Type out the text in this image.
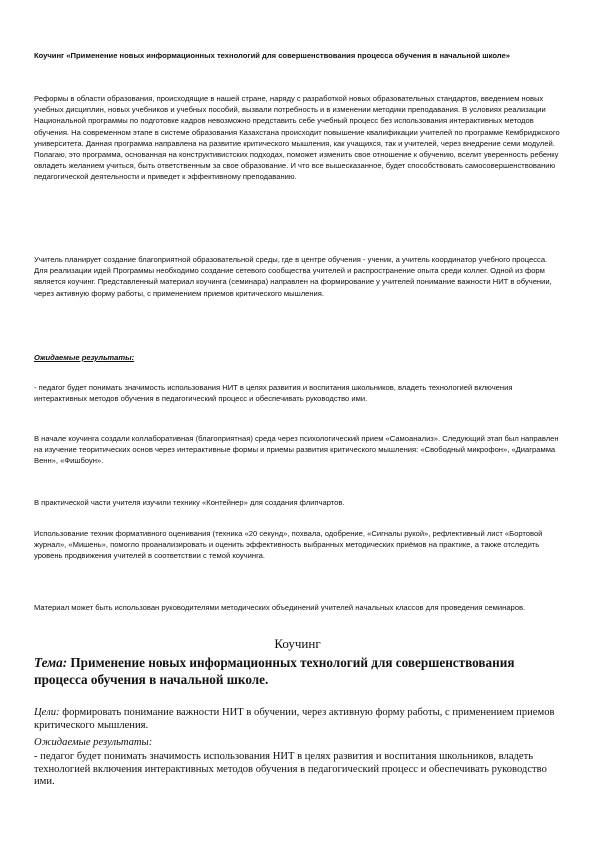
Коучинг «Применение новых информационных технологий для совершенствования процесса обучения в начальной школе»

Реформы в области образования, происходящие в нашей стране, наряду с разработкой новых образовательных стандартов, введением новых учебных дисциплин, новых учебников и учебных пособий, вызвали потребность и в изменении методики преподавания. В условиях реализации Национальной программы по подготовке кадров невозможно представить себе учебный процесс без использования интерактивных методов обучения. На современном этапе в системе образования Казахстана происходит повышение квалификации учителей по программе Кембриджского университета. Данная программа направлена на развитие критического мышления, как учащихся, так и учителей, через внедрение семи модулей. Полагаю, это программа, основанная на конструктивистских подходах, поможет изменить свое отношение к обучению, вселит уверенность ребенку овладеть желанием учиться, быть ответственным за свое образование. И что все вышесказанное, будет способствовать самосовершенствованию педагогической деятельности и приведет к эффективному преподаванию.

Учитель планирует создание благоприятной образовательной среды, где в центре обучения - ученик, а учитель координатор учебного процесса. Для реализации идей Программы необходимо создание сетевого сообщества учителей и распространение опыта среди коллег. Одной из форм является коучинг. Представленный материал коучинга (семинара) направлен на формирование у учителей понимание важности НИТ в обучении, через активную форму работы, с применением приемов критического мышления.

Ожидаемые результаты:

- педагог будет понимать значимость использования НИТ в целях развития и воспитания школьников, владеть технологией включения интерактивных методов обучения в педагогический процесс и обеспечивать руководство ими.

В начале коучинга создали коллаборативная (благоприятная) среда через психологический прием «Самоанализ». Следующий этап был направлен на изучение теоритических основ через интерактивные формы и приемы развития критического мышления: «Свободный микрофон», «Диаграмма Венн», «Фишбоун».

В практической части учителя изучили технику «Контейнер» для создания флипчартов.

Использование техник формативного оценивания (техника «20 секунд», похвала, одобрение, «Сигналы рукой», рефлективный лист «Бортовой журнал», «Мишень», помогло проанализировать и оценить эффективность выбранных методических приёмов на практике, а также отследить уровень продвижения учителей в соответствии с темой коучинга.

Материал может быть использован руководителями методических объединений учителей начальных классов для проведения семинаров.

Коучинг

Тема: Применение новых информационных технологий для совершенствования процесса обучения в начальной школе.

Цели: формировать понимание важности НИТ в обучении, через активную форму работы, с применением приемов критического мышления.

Ожидаемые результаты:

- педагог будет понимать значимость использования НИТ в целях развития и воспитания школьников, владеть технологией включения интерактивных методов обучения в педагогический процесс и обеспечивать руководство ими.
